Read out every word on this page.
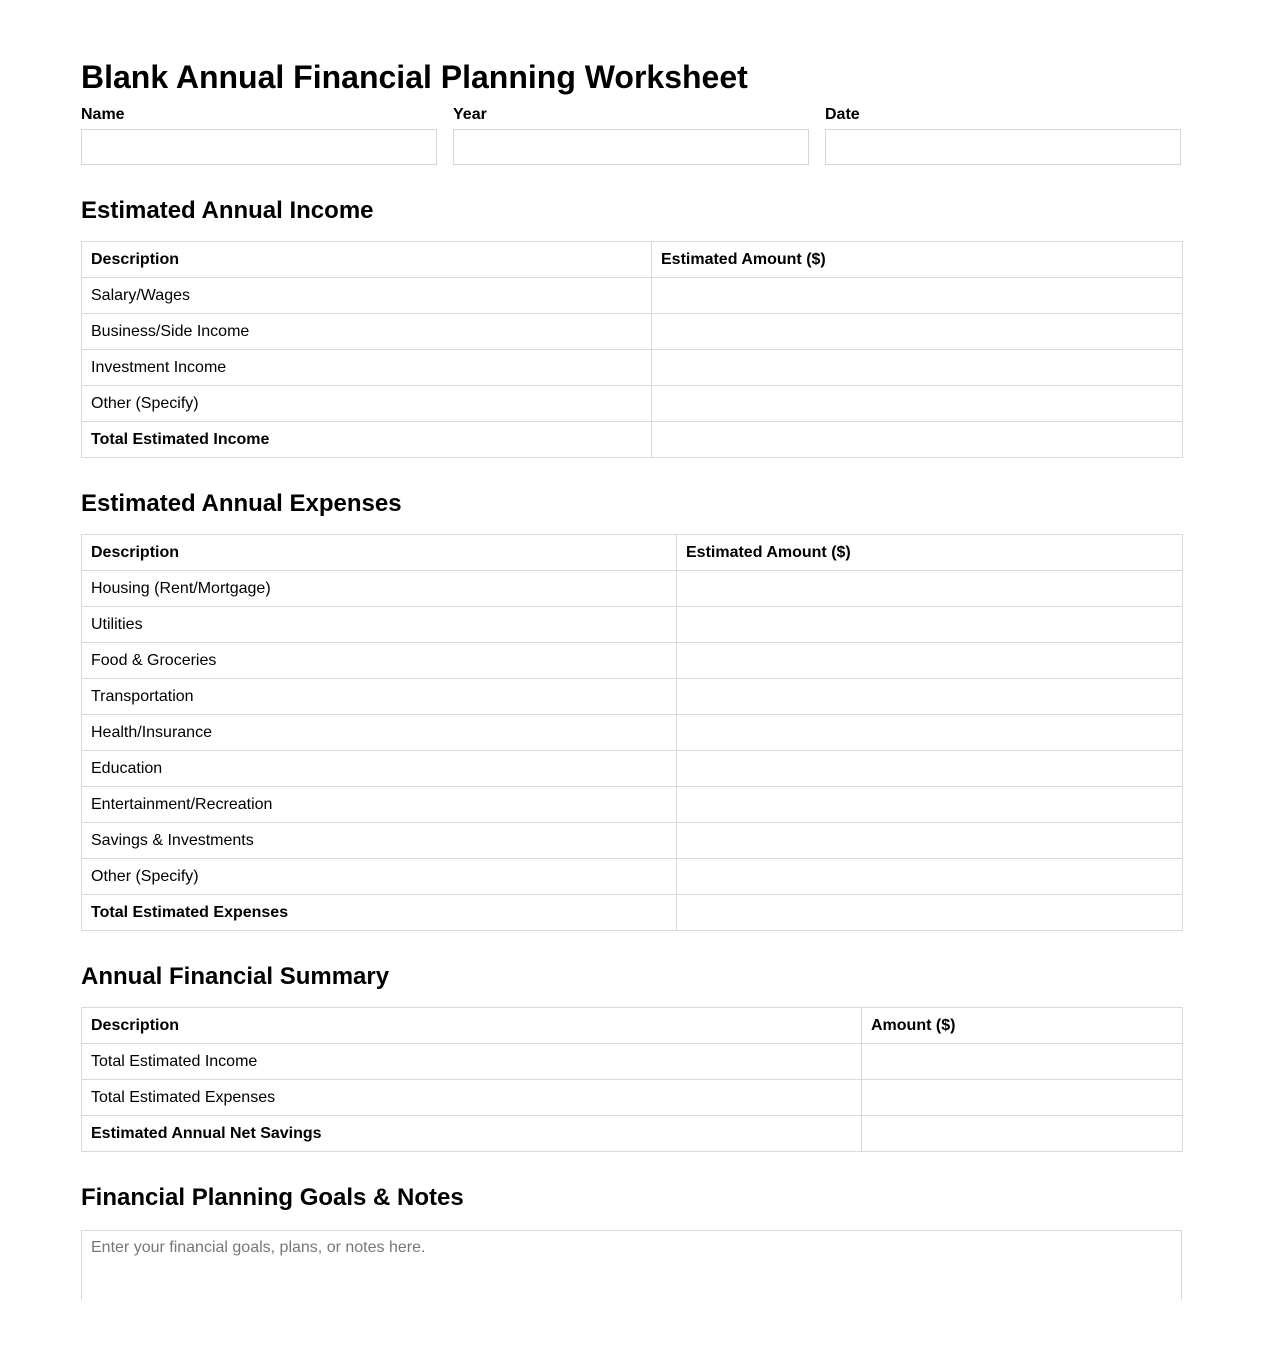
Blank Annual Financial Planning Worksheet
Name	Year	Date
Estimated Annual Income
Description	Estimated Amount ($)
Salary/Wages	
Business/Side Income	
Investment Income	
Other (Specify)	
Total Estimated Income	
Estimated Annual Expenses
Description	Estimated Amount ($)
Housing (Rent/Mortgage)	
Utilities	
Food & Groceries	
Transportation	
Health/Insurance	
Education	
Entertainment/Recreation	
Savings & Investments	
Other (Specify)	
Total Estimated Expenses	
Annual Financial Summary
Description	Amount ($)
Total Estimated Income	
Total Estimated Expenses	
Estimated Annual Net Savings	
Financial Planning Goals & Notes
Enter your financial goals, plans, or notes here.
